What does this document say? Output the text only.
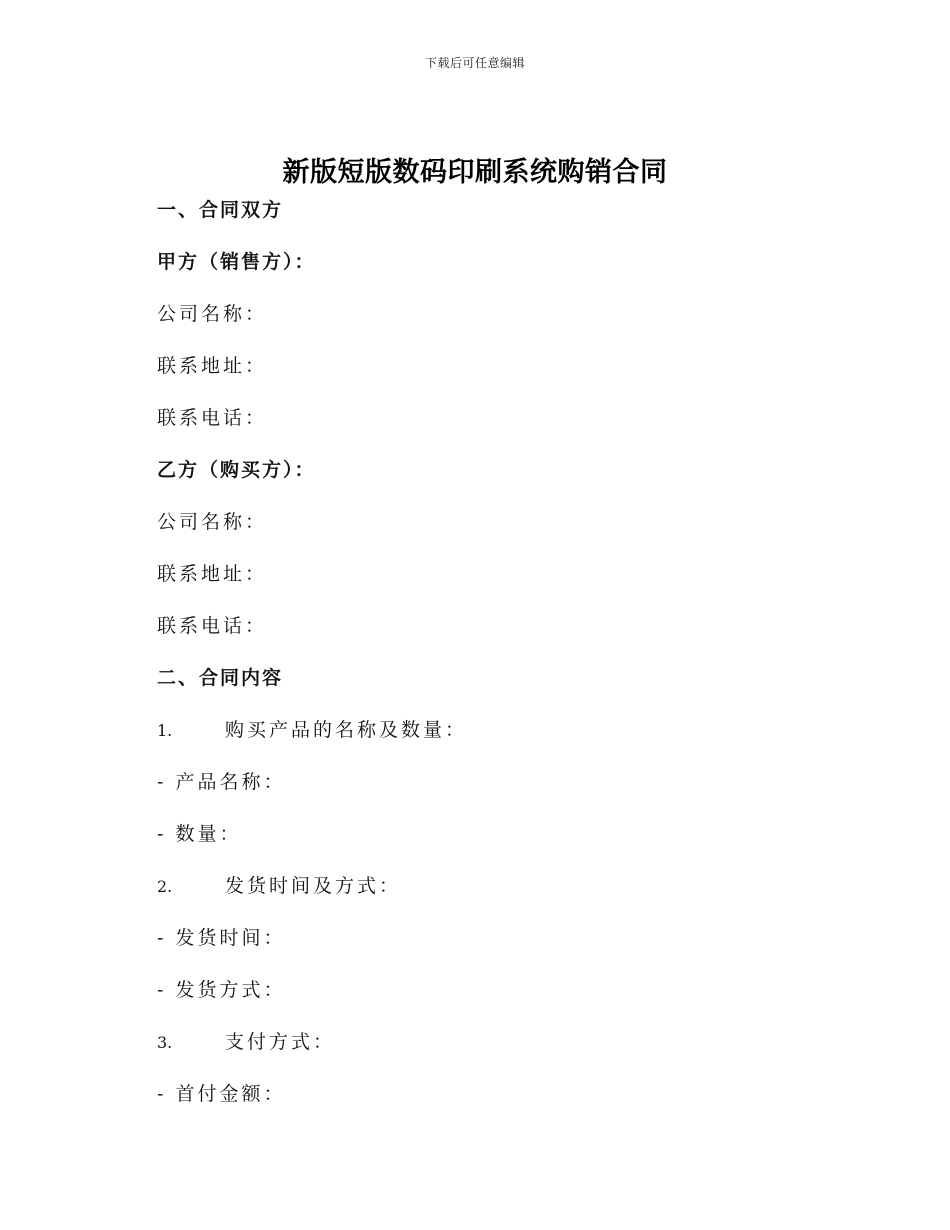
下载后可任意编辑
新版短版数码印刷系统购销合同
一、合同双方
甲方（销售方）：
公司名称：
联系地址：
联系电话：
乙方（购买方）：
公司名称：
联系地址：
联系电话：
二、合同内容
1.	购买产品的名称及数量：
- 产品名称：
- 数量：
2.	发货时间及方式：
- 发货时间：
- 发货方式：
3.	支付方式：
- 首付金额：
